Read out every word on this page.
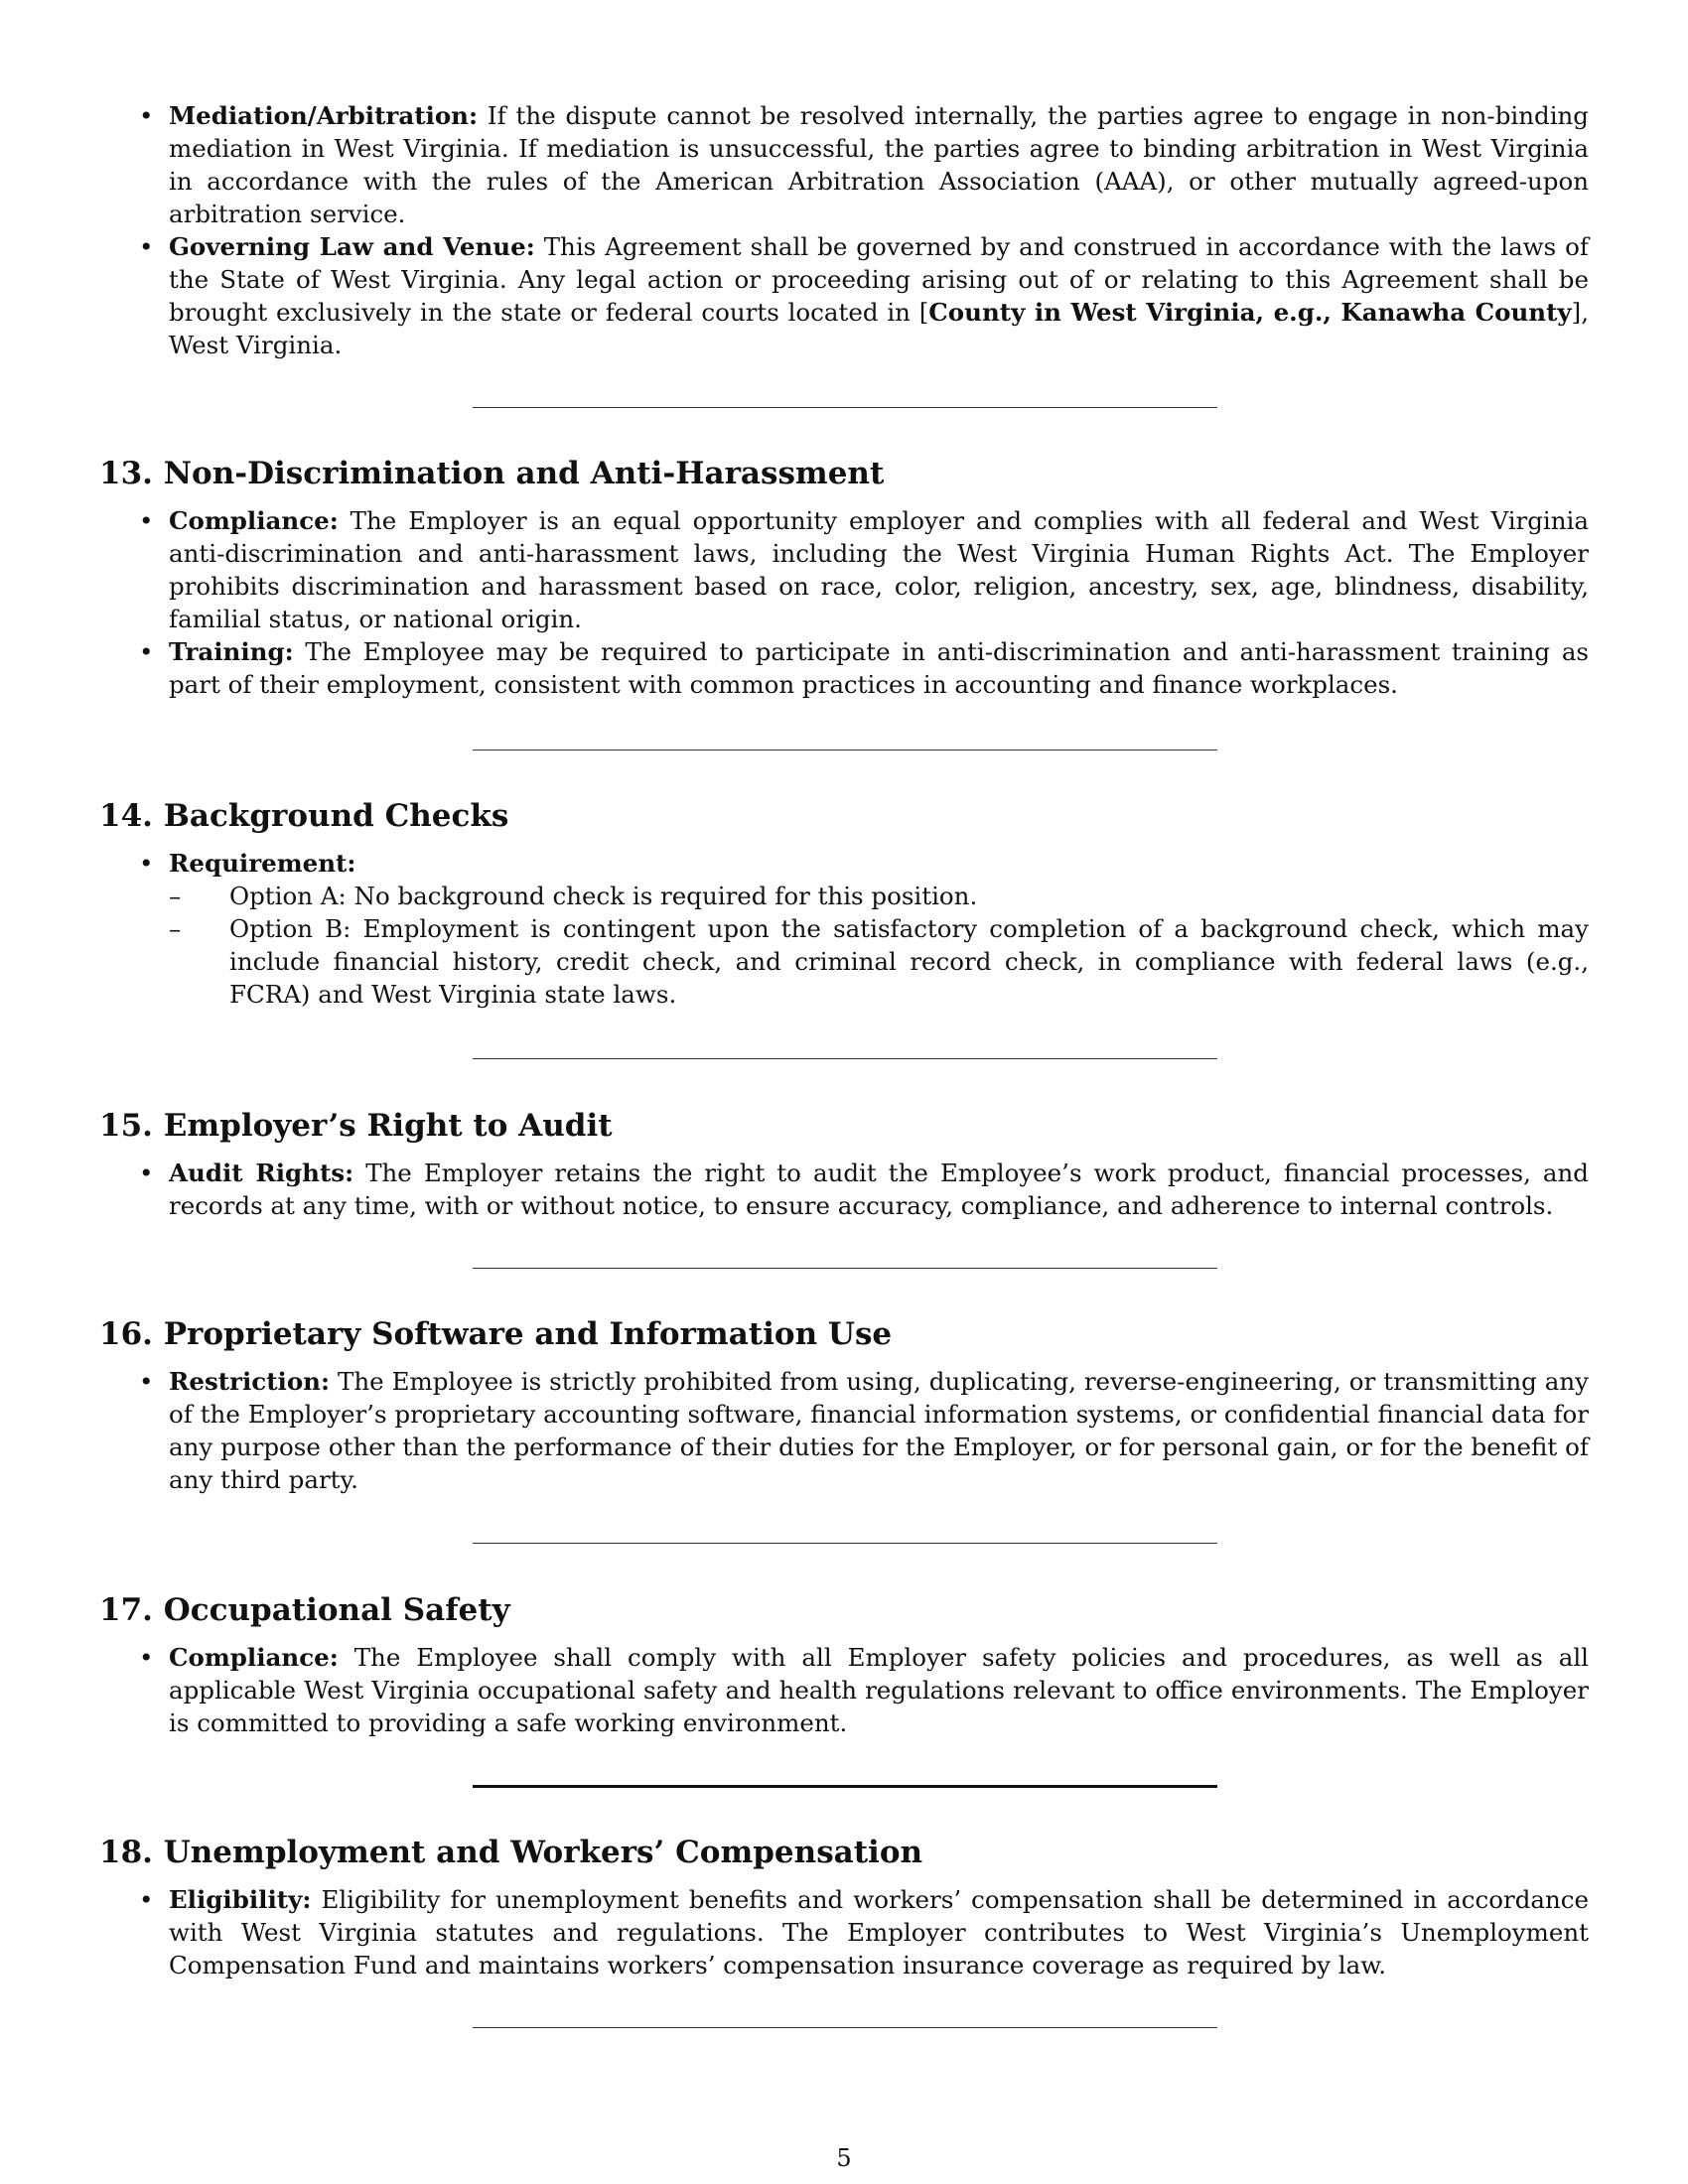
• Mediation/Arbitration: If the dispute cannot be resolved internally, the parties agree to engage in non-binding mediation in West Virginia. If mediation is unsuccessful, the parties agree to binding arbitration in West Virginia in accordance with the rules of the American Arbitration Association (AAA), or other mutually agreed-upon arbitration service.
• Governing Law and Venue: This Agreement shall be governed by and construed in accordance with the laws of the State of West Virginia. Any legal action or proceeding arising out of or relating to this Agreement shall be brought exclusively in the state or federal courts located in [County in West Virginia, e.g., Kanawha County], West Virginia.
13. Non-Discrimination and Anti-Harassment
• Compliance: The Employer is an equal opportunity employer and complies with all federal and West Virginia anti-discrimination and anti-harassment laws, including the West Virginia Human Rights Act. The Employer prohibits discrimination and harassment based on race, color, religion, ancestry, sex, age, blindness, disability, familial status, or national origin.
• Training: The Employee may be required to participate in anti-discrimination and anti-harassment training as part of their employment, consistent with common practices in accounting and finance workplaces.
14. Background Checks
• Requirement:
– Option A: No background check is required for this position.
– Option B: Employment is contingent upon the satisfactory completion of a background check, which may include financial history, credit check, and criminal record check, in compliance with federal laws (e.g., FCRA) and West Virginia state laws.
15. Employer’s Right to Audit
• Audit Rights: The Employer retains the right to audit the Employee’s work product, financial processes, and records at any time, with or without notice, to ensure accuracy, compliance, and adherence to internal controls.
16. Proprietary Software and Information Use
• Restriction: The Employee is strictly prohibited from using, duplicating, reverse-engineering, or transmitting any of the Employer’s proprietary accounting software, financial information systems, or confidential financial data for any purpose other than the performance of their duties for the Employer, or for personal gain, or for the benefit of any third party.
17. Occupational Safety
• Compliance: The Employee shall comply with all Employer safety policies and procedures, as well as all applicable West Virginia occupational safety and health regulations relevant to office environments. The Employer is committed to providing a safe working environment.
18. Unemployment and Workers’ Compensation
• Eligibility: Eligibility for unemployment benefits and workers’ compensation shall be determined in accordance with West Virginia statutes and regulations. The Employer contributes to West Virginia’s Unemployment Compensation Fund and maintains workers’ compensation insurance coverage as required by law.
5
